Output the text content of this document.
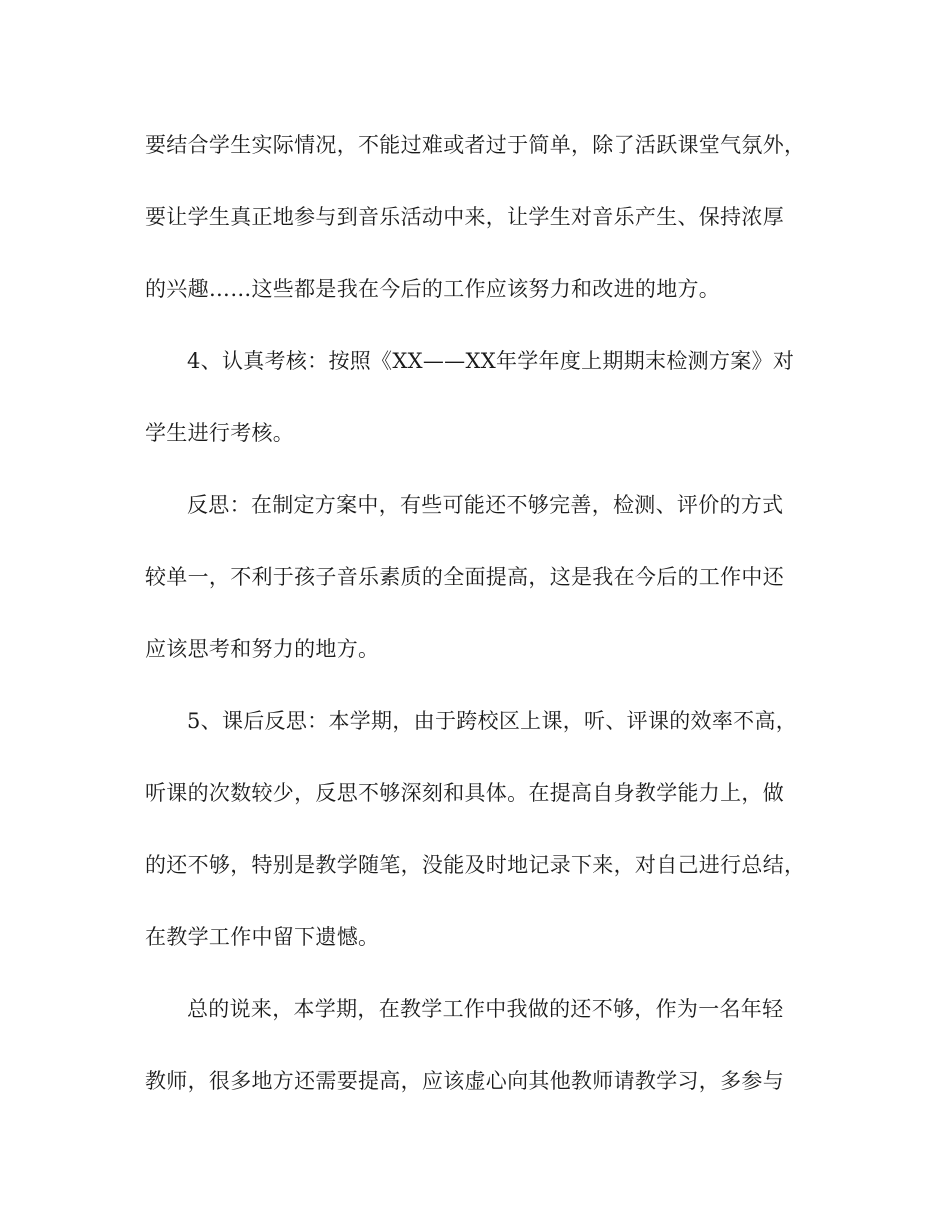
要结合学生实际情况，不能过难或者过于简单，除了活跃课堂气氛外，
要让学生真正地参与到音乐活动中来，让学生对音乐产生、保持浓厚
的兴趣……这些都是我在今后的工作应该努力和改进的地方。
4、认真考核：按照《XX——XX年学年度上期期末检测方案》对
学生进行考核。
反思：在制定方案中，有些可能还不够完善，检测、评价的方式
较单一，不利于孩子音乐素质的全面提高，这是我在今后的工作中还
应该思考和努力的地方。
5、课后反思：本学期，由于跨校区上课，听、评课的效率不高，
听课的次数较少，反思不够深刻和具体。在提高自身教学能力上，做
的还不够，特别是教学随笔，没能及时地记录下来，对自己进行总结，
在教学工作中留下遗憾。
总的说来，本学期，在教学工作中我做的还不够，作为一名年轻
教师，很多地方还需要提高，应该虚心向其他教师请教学习，多参与
